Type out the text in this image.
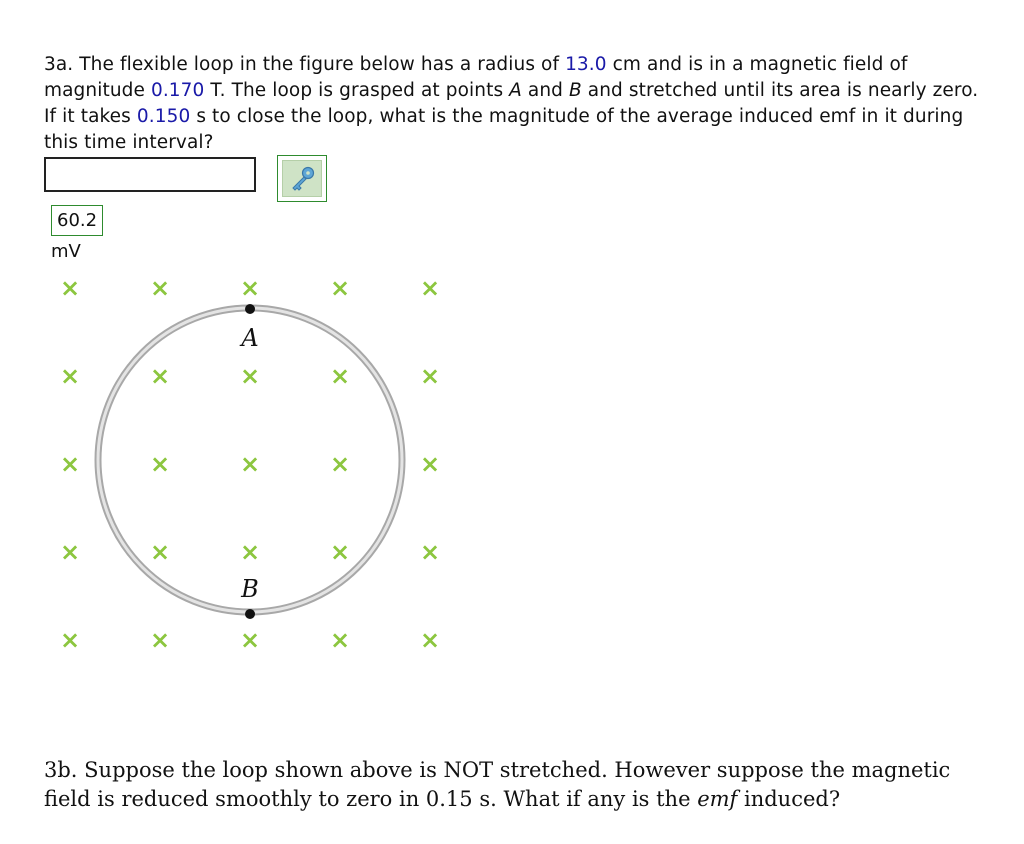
3a. The flexible loop in the figure below has a radius of 13.0 cm and is in a magnetic field of magnitude 0.170 T. The loop is grasped at points A and B and stretched until its area is nearly zero. If it takes 0.150 s to close the loop, what is the magnitude of the average induced emf in it during this time interval?
60.2
mV
×	×	×	×	×
×	×	×	×	×
×	×	×	×	×
×	×	×	×	×
×	×	×	×	×
A
B
3b. Suppose the loop shown above is NOT stretched. However suppose the magnetic field is reduced smoothly to zero in 0.15 s. What if any is the emf induced?
